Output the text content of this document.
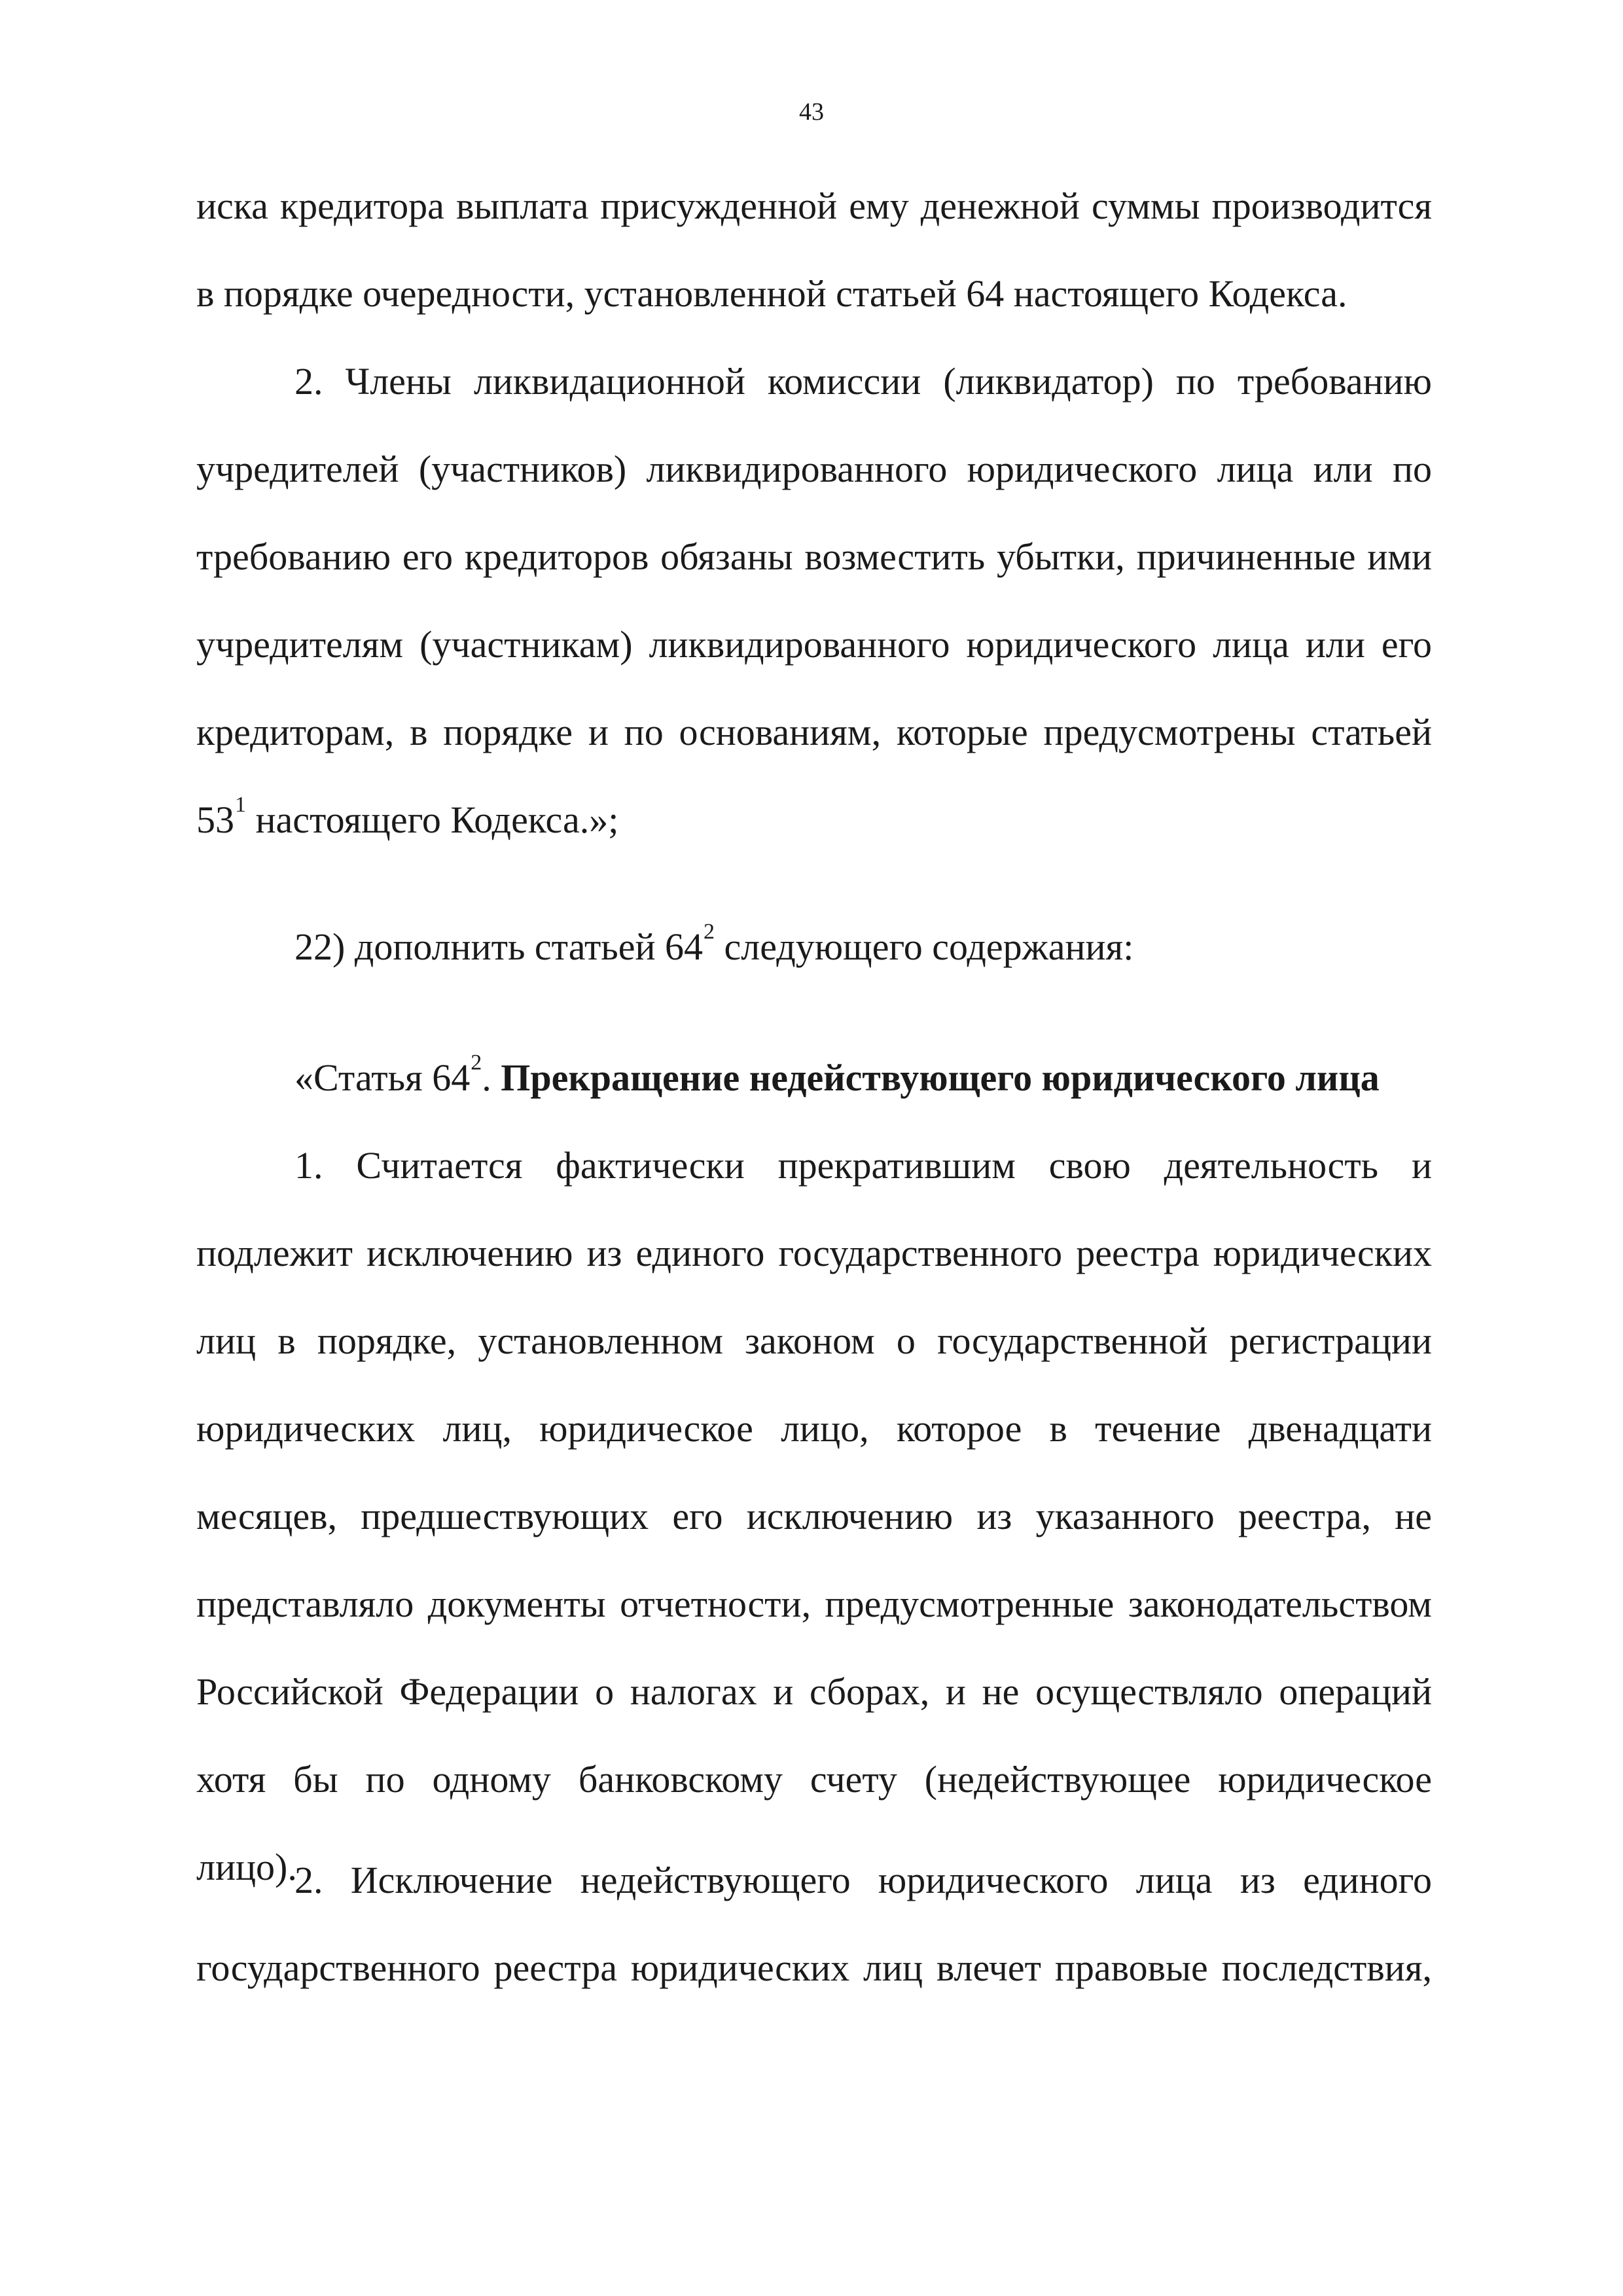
43
иска кредитора выплата присужденной ему денежной суммы производится
в порядке очередности, установленной статьей 64 настоящего Кодекса.
2. Члены ликвидационной комиссии (ликвидатор) по требованию
учредителей (участников) ликвидированного юридического лица или по
требованию его кредиторов обязаны возместить убытки, причиненные ими
учредителям (участникам) ликвидированного юридического лица или его
кредиторам, в порядке и по основаниям, которые предусмотрены статьей
$53^1$ настоящего Кодекса.»;
22) дополнить статьей $64^2$ следующего содержания:
«Статья $64^2$. Прекращение недействующего юридического лица
1. Считается фактически прекратившим свою деятельность и
подлежит исключению из единого государственного реестра юридических
лиц в порядке, установленном законом о государственной регистрации
юридических лиц, юридическое лицо, которое в течение двенадцати
месяцев, предшествующих его исключению из указанного реестра, не
представляло документы отчетности, предусмотренные законодательством
Российской Федерации о налогах и сборах, и не осуществляло операций
хотя бы по одному банковскому счету (недействующее юридическое
лицо).
2. Исключение недействующего юридического лица из единого
государственного реестра юридических лиц влечет правовые последствия,
